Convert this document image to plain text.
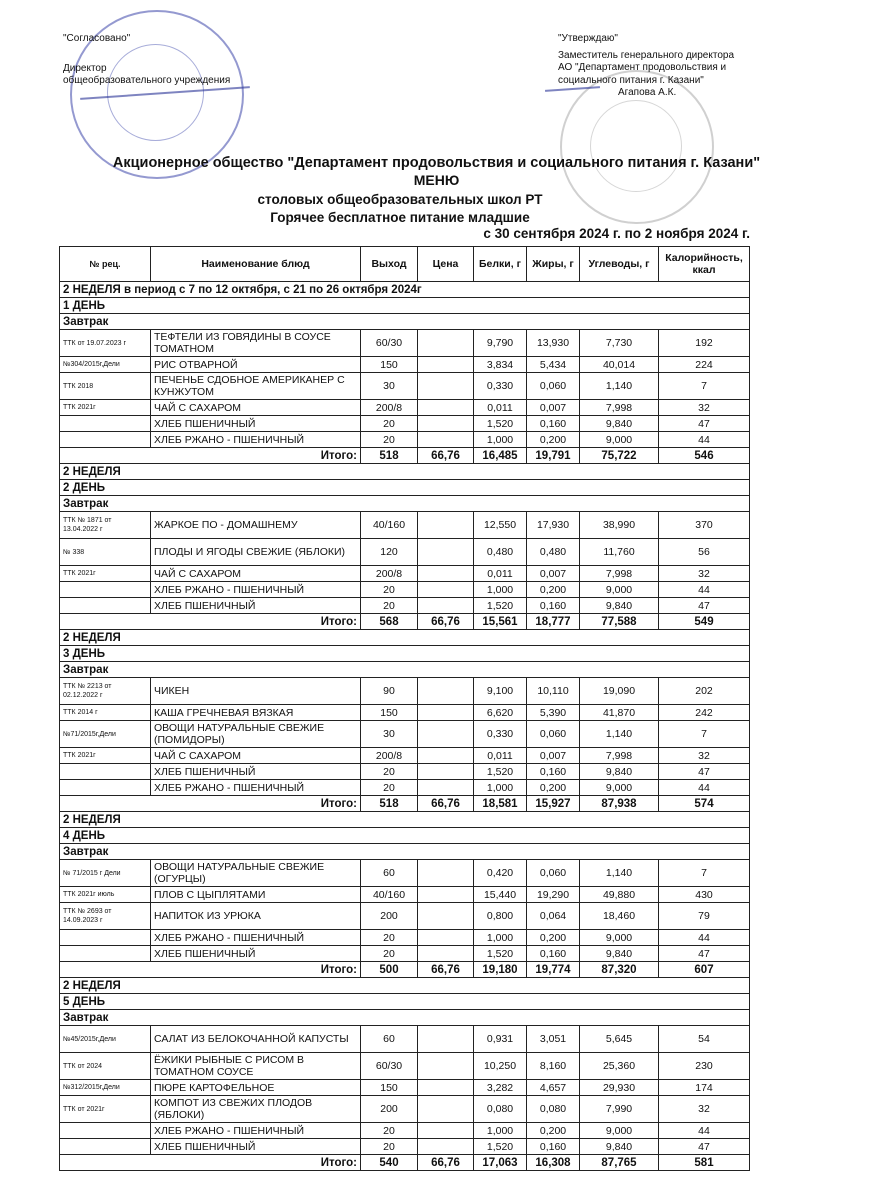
"Согласовано"
Директор
общеобразовательного учреждения
"Утверждаю"
Заместитель генерального директора
АО "Департамент продовольствия и
социального питания г. Казани"
Агапова А.К.
Акционерное общество "Департамент продовольствия и социального питания г. Казани"
МЕНЮ
столовых общеобразовательных школ РТ
Горячее бесплатное питание младшие
с 30 сентября 2024 г. по 2 ноября 2024 г.
№ рец.	Наименование блюд	Выход	Цена	Белки, г	Жиры, г	Углеводы, г	Калорийность, ккал
2 НЕДЕЛЯ в период с 7 по 12 октября, с 21 по 26 октября 2024г							
1 ДЕНЬ							
Завтрак							
ТТК от 19.07.2023 г	ТЕФТЕЛИ ИЗ ГОВЯДИНЫ В СОУСЕ ТОМАТНОМ	60/30		9,790	13,930	7,730	192
№304/2015г,Дели	РИС ОТВАРНОЙ	150		3,834	5,434	40,014	224
ТТК 2018	ПЕЧЕНЬЕ СДОБНОЕ АМЕРИКАНЕР С КУНЖУТОМ	30		0,330	0,060	1,140	7
ТТК 2021г	ЧАЙ С САХАРОМ	200/8		0,011	0,007	7,998	32
	ХЛЕБ ПШЕНИЧНЫЙ	20		1,520	0,160	9,840	47
	ХЛЕБ РЖАНО - ПШЕНИЧНЫЙ	20		1,000	0,200	9,000	44
Итого:		518	66,76	16,485	19,791	75,722	546
2 НЕДЕЛЯ							
2 ДЕНЬ							
Завтрак							
ТТК № 1871 от 13.04.2022 г	ЖАРКОЕ ПО - ДОМАШНЕМУ	40/160		12,550	17,930	38,990	370
№ 338	ПЛОДЫ И ЯГОДЫ СВЕЖИЕ (ЯБЛОКИ)	120		0,480	0,480	11,760	56
ТТК 2021г	ЧАЙ С САХАРОМ	200/8		0,011	0,007	7,998	32
	ХЛЕБ РЖАНО - ПШЕНИЧНЫЙ	20		1,000	0,200	9,000	44
	ХЛЕБ ПШЕНИЧНЫЙ	20		1,520	0,160	9,840	47
Итого:		568	66,76	15,561	18,777	77,588	549
2 НЕДЕЛЯ							
3 ДЕНЬ							
Завтрак							
ТТК № 2213 от 02.12.2022 г	ЧИКЕН	90		9,100	10,110	19,090	202
ТТК 2014 г	КАША ГРЕЧНЕВАЯ ВЯЗКАЯ	150		6,620	5,390	41,870	242
№71/2015г,Дели	ОВОЩИ НАТУРАЛЬНЫЕ СВЕЖИЕ (ПОМИДОРЫ)	30		0,330	0,060	1,140	7
ТТК 2021г	ЧАЙ С САХАРОМ	200/8		0,011	0,007	7,998	32
	ХЛЕБ ПШЕНИЧНЫЙ	20		1,520	0,160	9,840	47
	ХЛЕБ РЖАНО - ПШЕНИЧНЫЙ	20		1,000	0,200	9,000	44
Итого:		518	66,76	18,581	15,927	87,938	574
2 НЕДЕЛЯ							
4 ДЕНЬ							
Завтрак							
№ 71/2015 г Дели	ОВОЩИ НАТУРАЛЬНЫЕ СВЕЖИЕ (ОГУРЦЫ)	60		0,420	0,060	1,140	7
ТТК 2021г июль	ПЛОВ С ЦЫПЛЯТАМИ	40/160		15,440	19,290	49,880	430
ТТК № 2693 от 14.09.2023 г	НАПИТОК ИЗ УРЮКА	200		0,800	0,064	18,460	79
	ХЛЕБ РЖАНО - ПШЕНИЧНЫЙ	20		1,000	0,200	9,000	44
	ХЛЕБ ПШЕНИЧНЫЙ	20		1,520	0,160	9,840	47
Итого:		500	66,76	19,180	19,774	87,320	607
2 НЕДЕЛЯ							
5 ДЕНЬ							
Завтрак							
№45/2015г,Дели	САЛАТ ИЗ БЕЛОКОЧАННОЙ КАПУСТЫ	60		0,931	3,051	5,645	54
ТТК от 2024	ЁЖИКИ РЫБНЫЕ С РИСОМ В ТОМАТНОМ СОУСЕ	60/30		10,250	8,160	25,360	230
№312/2015г,Дели	ПЮРЕ КАРТОФЕЛЬНОЕ	150		3,282	4,657	29,930	174
ТТК от 2021г	КОМПОТ ИЗ СВЕЖИХ ПЛОДОВ (ЯБЛОКИ)	200		0,080	0,080	7,990	32
	ХЛЕБ РЖАНО - ПШЕНИЧНЫЙ	20		1,000	0,200	9,000	44
	ХЛЕБ ПШЕНИЧНЫЙ	20		1,520	0,160	9,840	47
Итого:		540	66,76	17,063	16,308	87,765	581
